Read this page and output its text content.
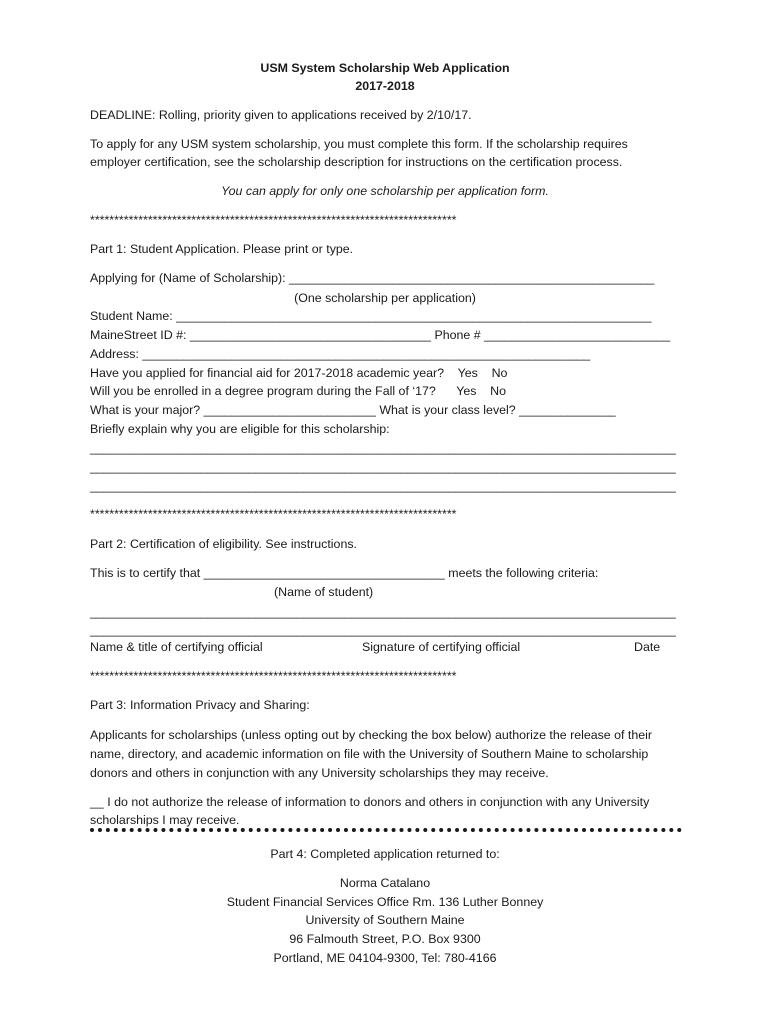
USM System Scholarship Web Application
2017-2018
DEADLINE: Rolling, priority given to applications received by 2/10/17.
To apply for any USM system scholarship, you must complete this form. If the scholarship requires
employer certification, see the scholarship description for instructions on the certification process.
You can apply for only one scholarship per application form.
****************************************************************************
Part 1: Student Application. Please print or type.
Applying for (Name of Scholarship): _____________________________________________________
(One scholarship per application)
Student Name: _____________________________________________________________________
MaineStreet ID #: ___________________________________ Phone # ___________________________
Address: _________________________________________________________________
Have you applied for financial aid for 2017-2018 academic year?    Yes    No
Will you be enrolled in a degree program during the Fall of ‘17?      Yes    No
What is your major? _________________________ What is your class level? ______________
Briefly explain why you are eligible for this scholarship:
_____________________________________________________________________________________
_____________________________________________________________________________________
_____________________________________________________________________________________
****************************************************************************
Part 2: Certification of eligibility. See instructions.
This is to certify that ___________________________________ meets the following criteria:
(Name of student)
_____________________________________________________________________________________
_____________________________________________________________________________________
Name & title of certifying official	Signature of certifying official	Date
****************************************************************************
Part 3: Information Privacy and Sharing:
Applicants for scholarships (unless opting out by checking the box below) authorize the release of their
name, directory, and academic information on file with the University of Southern Maine to scholarship
donors and others in conjunction with any University scholarships they may receive.
__ I do not authorize the release of information to donors and others in conjunction with any University
scholarships I may receive.
Part 4: Completed application returned to:
Norma Catalano
Student Financial Services Office Rm. 136 Luther Bonney
University of Southern Maine
96 Falmouth Street, P.O. Box 9300
Portland, ME 04104-9300, Tel: 780-4166
